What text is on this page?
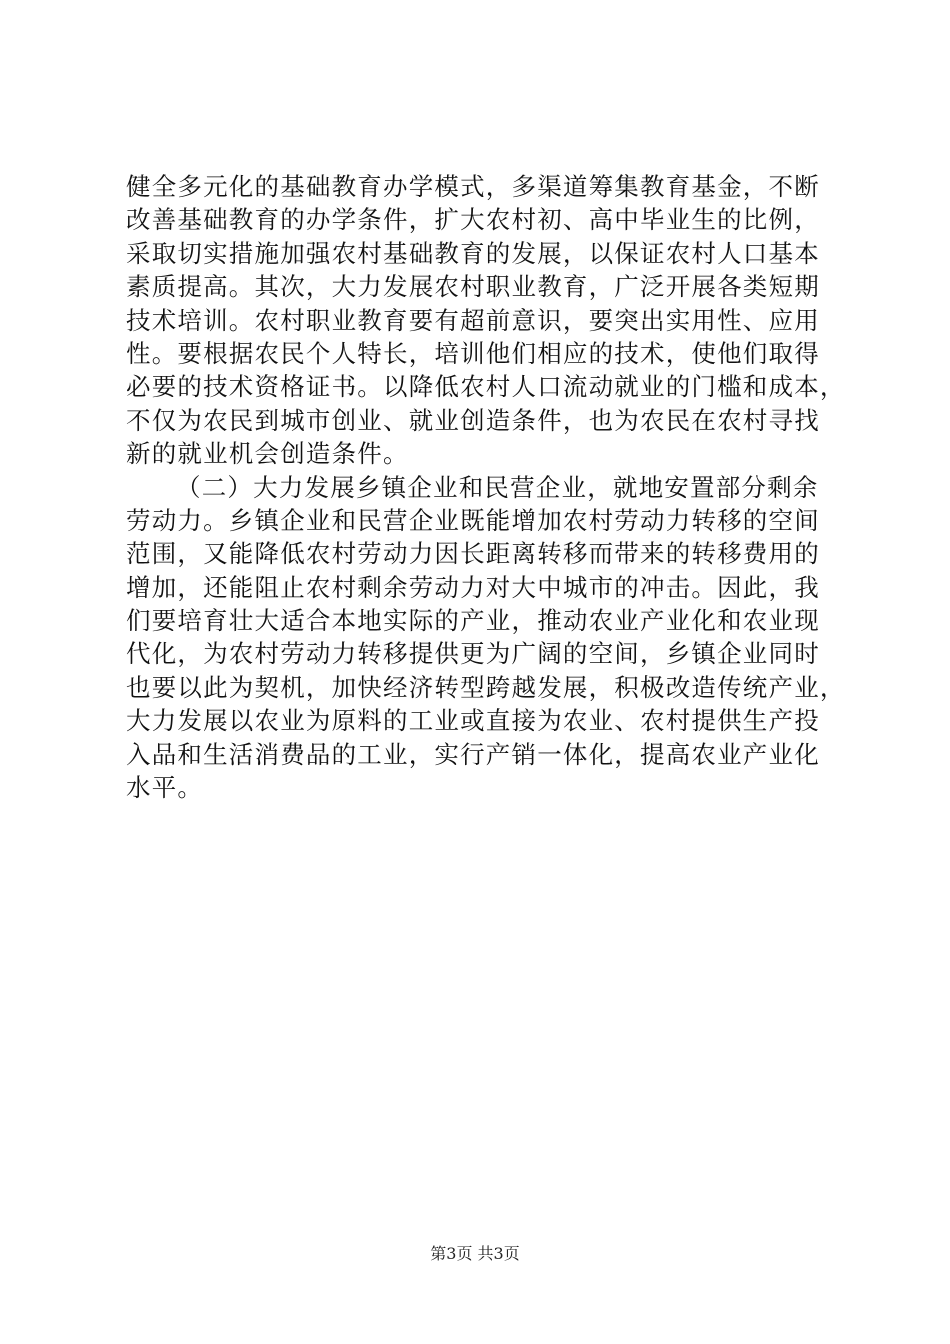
健全多元化的基础教育办学模式，多渠道筹集教育基金，不断
改善基础教育的办学条件，扩大农村初、高中毕业生的比例，
采取切实措施加强农村基础教育的发展，以保证农村人口基本
素质提高。其次，大力发展农村职业教育，广泛开展各类短期
技术培训。农村职业教育要有超前意识，要突出实用性、应用
性。要根据农民个人特长，培训他们相应的技术，使他们取得
必要的技术资格证书。以降低农村人口流动就业的门槛和成本，
不仅为农民到城市创业、就业创造条件，也为农民在农村寻找
新的就业机会创造条件。
（二）大力发展乡镇企业和民营企业，就地安置部分剩余
劳动力。乡镇企业和民营企业既能增加农村劳动力转移的空间
范围，又能降低农村劳动力因长距离转移而带来的转移费用的
增加，还能阻止农村剩余劳动力对大中城市的冲击。因此，我
们要培育壮大适合本地实际的产业，推动农业产业化和农业现
代化，为农村劳动力转移提供更为广阔的空间，乡镇企业同时
也要以此为契机，加快经济转型跨越发展，积极改造传统产业，
大力发展以农业为原料的工业或直接为农业、农村提供生产投
入品和生活消费品的工业，实行产销一体化，提高农业产业化
水平。
第3页 共3页
